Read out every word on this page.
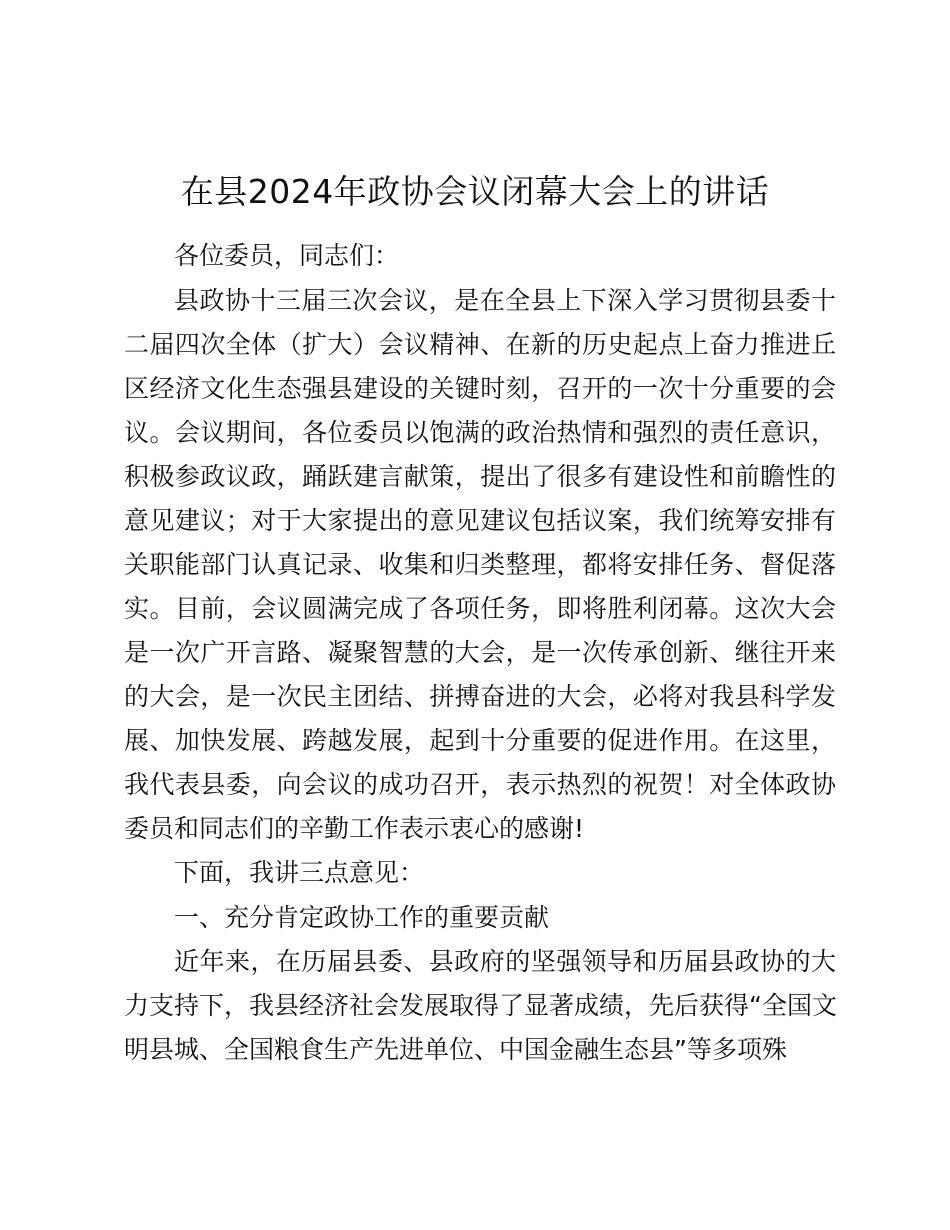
在县2024年政协会议闭幕大会上的讲话
各位委员，同志们：
县政协十三届三次会议，是在全县上下深入学习贯彻县委十
二届四次全体（扩大）会议精神、在新的历史起点上奋力推进丘
区经济文化生态强县建设的关键时刻，召开的一次十分重要的会
议。会议期间，各位委员以饱满的政治热情和强烈的责任意识，
积极参政议政，踊跃建言献策，提出了很多有建设性和前瞻性的
意见建议；对于大家提出的意见建议包括议案，我们统筹安排有
关职能部门认真记录、收集和归类整理，都将安排任务、督促落
实。目前，会议圆满完成了各项任务，即将胜利闭幕。这次大会
是一次广开言路、凝聚智慧的大会，是一次传承创新、继往开来
的大会，是一次民主团结、拼搏奋进的大会，必将对我县科学发
展、加快发展、跨越发展，起到十分重要的促进作用。在这里，
我代表县委，向会议的成功召开，表示热烈的祝贺！对全体政协
委员和同志们的辛勤工作表示衷心的感谢!
下面，我讲三点意见：
一、充分肯定政协工作的重要贡献
近年来，在历届县委、县政府的坚强领导和历届县政协的大
力支持下，我县经济社会发展取得了显著成绩，先后获得“全国文
明县城、全国粮食生产先进单位、中国金融生态县”等多项殊
